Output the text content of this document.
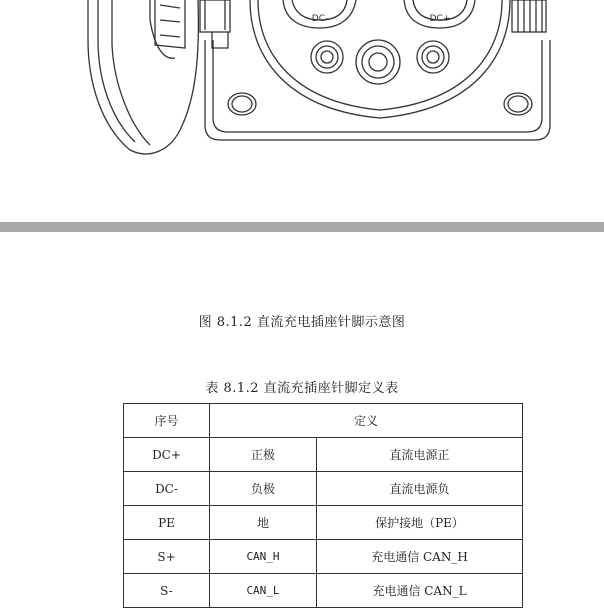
DC-	DC+
图 8.1.2 直流充电插座针脚示意图
表 8.1.2 直流充插座针脚定义表
序号	定义	
DC+	正极	直流电源正
DC-	负极	直流电源负
PE	地	保护接地（PE）
S+	CAN_H	充电通信 CAN_H
S-	CAN_L	充电通信 CAN_L
